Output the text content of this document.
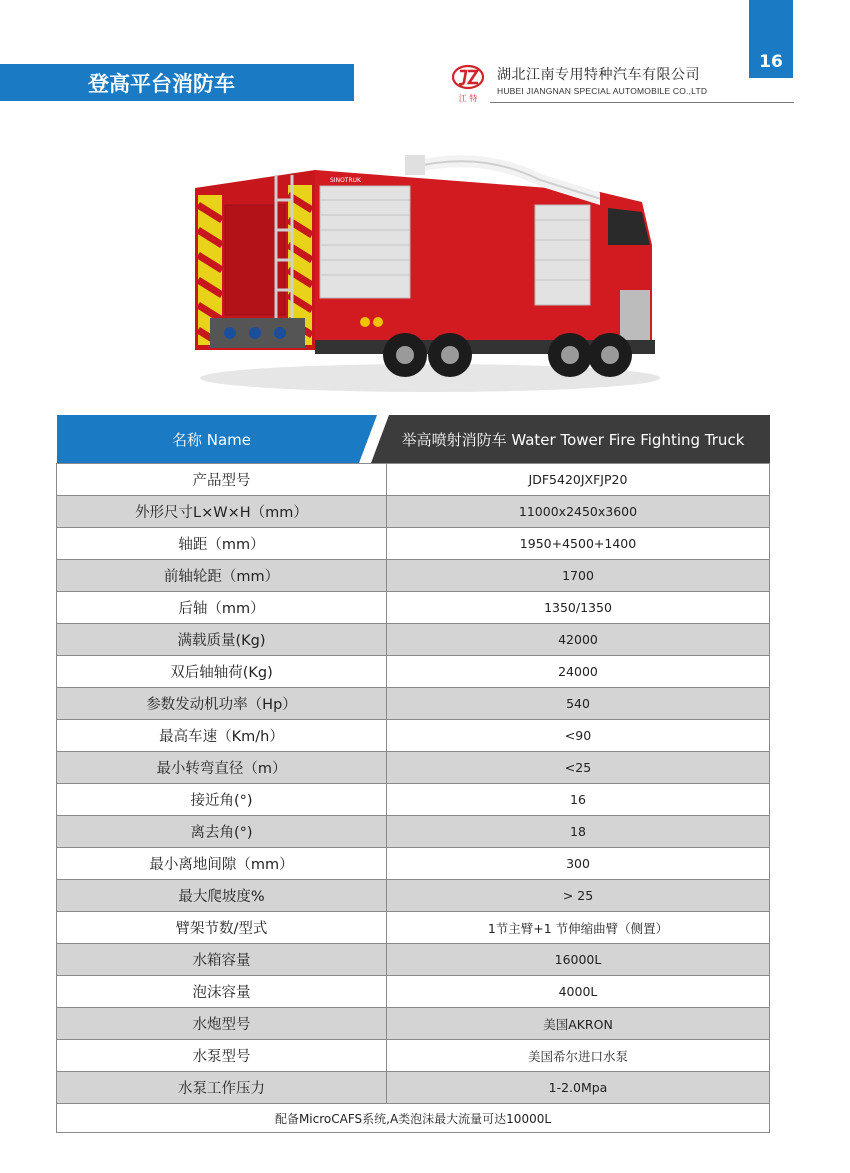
16
登高平台消防车
江 特
湖北江南专用特种汽车有限公司
HUBEI JIANGNAN SPECIAL AUTOMOBILE CO.,LTD
SINOTRUK
名称 Name 举高喷射消防车 Water Tower Fire Fighting Truck	

产品型号	JDF5420JXFJP20
外形尺寸L×W×H（mm）	11000x2450x3600
轴距（mm）	1950+4500+1400
前轴轮距（mm）	1700
后轴（mm）	1350/1350
满载质量(Kg)	42000
双后轴轴荷(Kg)	24000
参数发动机功率（Hp）	540
最高车速（Km/h）	<90
最小转弯直径（m）	<25
接近角(°)	16
离去角(°)	18
最小离地间隙（mm）	300
最大爬坡度%	> 25
臂架节数/型式	1节主臂+1 节伸缩曲臂（侧置）
水箱容量	16000L
泡沫容量	4000L
水炮型号	美国AKRON
水泵型号	美国希尔进口水泵
水泵工作压力	1-2.0Mpa
配备MicroCAFS系统,A类泡沫最大流量可达10000L	
